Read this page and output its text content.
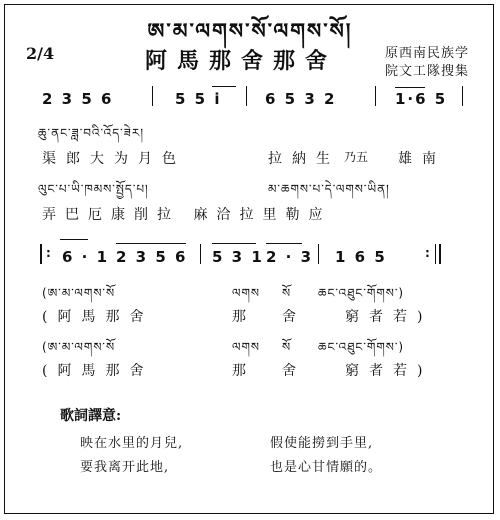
ཨ་མ་ལགས་སོ་ལགས་སོ།
2/4	阿馬那舍那舍	原西南民族学
院文工隊搜集
2 3 5 6	5 5 i	6 5 3 2	1·6 5
ཆུ་ནང་ཟླ་བའི་འོད་ཟེར།
渠郎大为月色	拉納生 乃五 雄南
ལུང་པ་ཡི་ཁམས་སྤྱོད་པ།	མ་ཆགས་པ་དེ་ལགས་ཡིན།
弄巴厄康削拉 麻洽拉里勒应
: 6 · 1 2 3 5 6 5 3 1 2 · 3 1 6 5	:
(ཨ་མ་ལགས་སོ	ལགས སོ ཆང་འཐུང་གོགས་)
(阿馬那舍	那 舍	窮者若)
(ཨ་མ་ལགས་སོ	ལགས སོ ཆང་འཐུང་གོགས་)
(阿馬那舍	那 舍	窮者若)
歌詞譯意:
映在水里的月兒,	假使能撈到手里,
要我离开此地,	也是心甘情願的。
